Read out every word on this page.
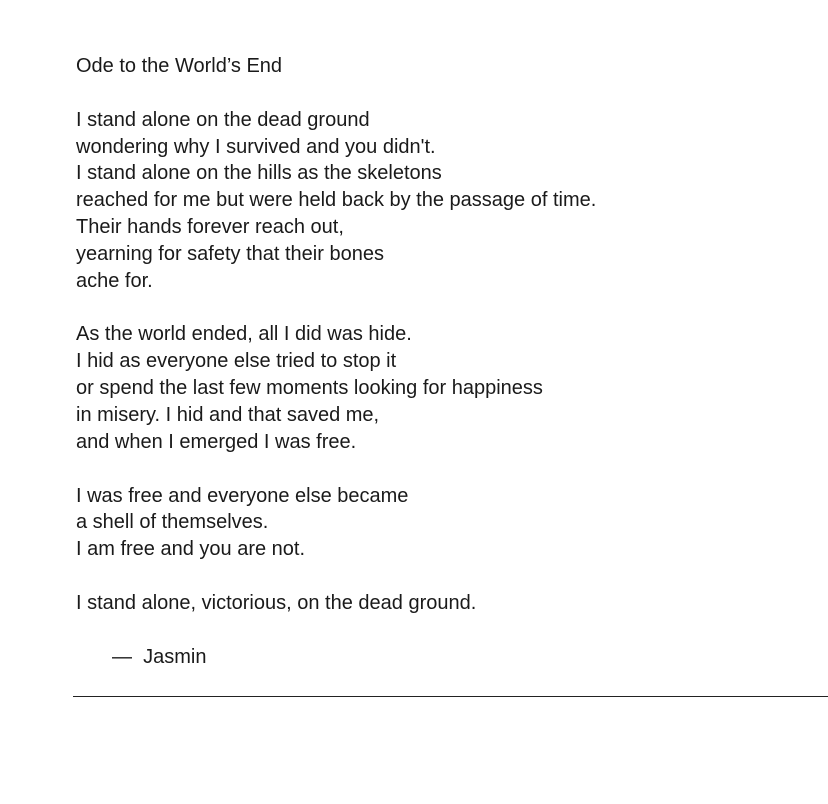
Ode to the World’s End
I stand alone on the dead ground
wondering why I survived and you didn't.
I stand alone on the hills as the skeletons
reached for me but were held back by the passage of time.
Their hands forever reach out,
yearning for safety that their bones
ache for.
As the world ended, all I did was hide.
I hid as everyone else tried to stop it
or spend the last few moments looking for happiness
in misery. I hid and that saved me,
and when I emerged I was free.
I was free and everyone else became
a shell of themselves.
I am free and you are not.
I stand alone, victorious, on the dead ground.
—  Jasmin
